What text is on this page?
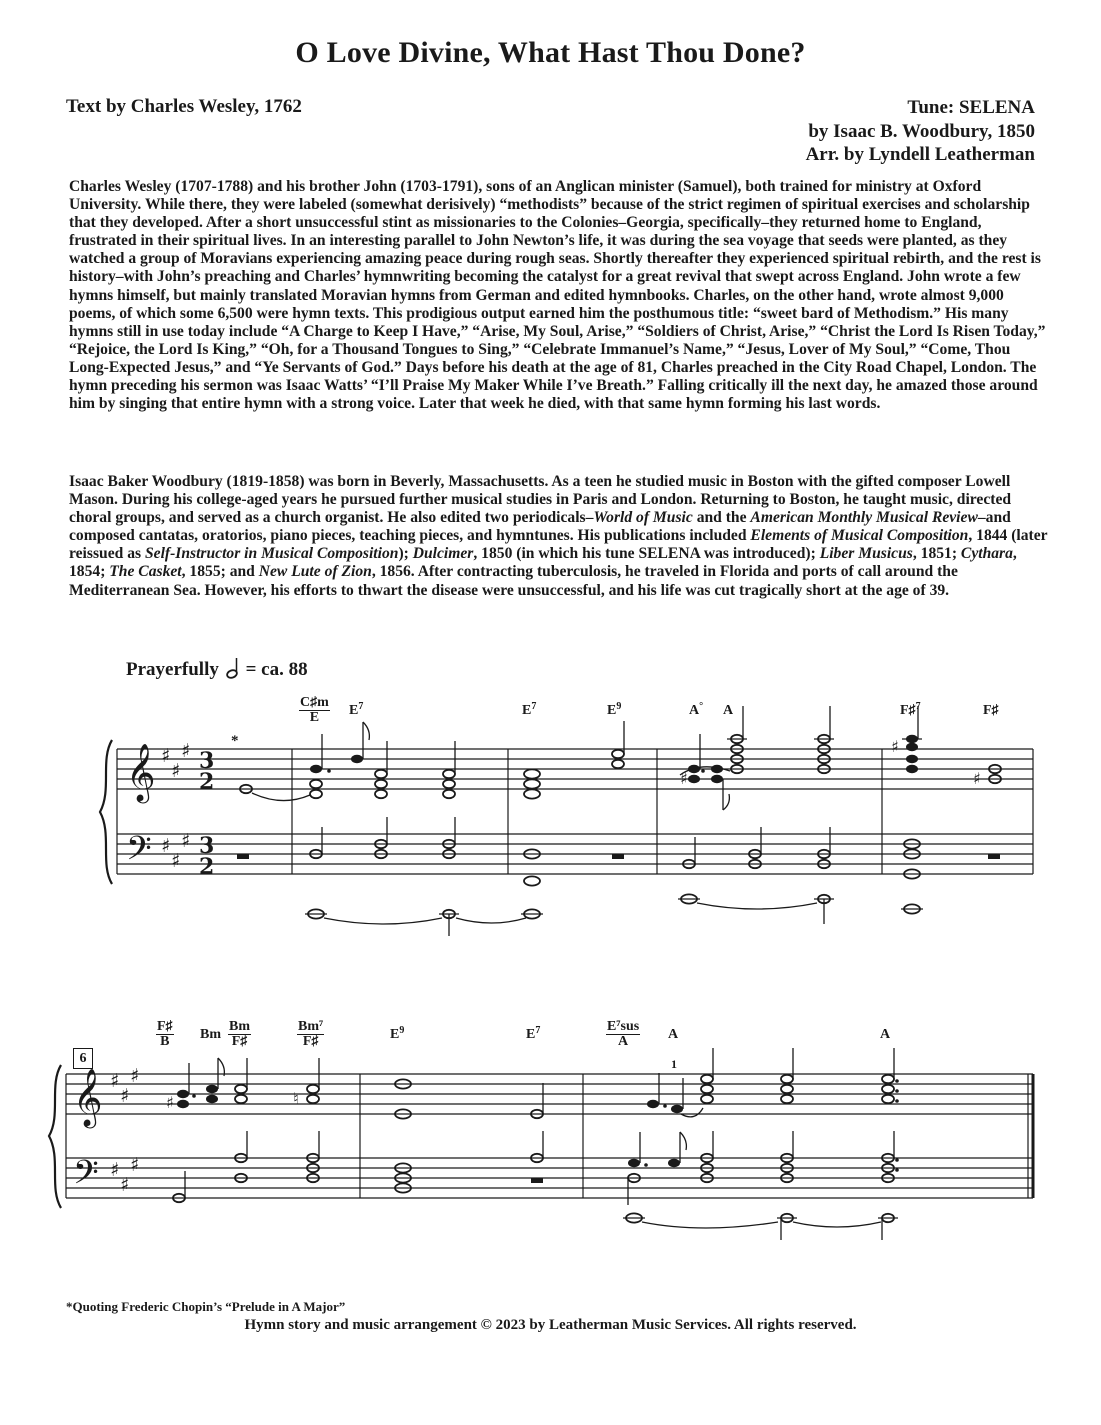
O Love Divine, What Hast Thou Done?
Text by Charles Wesley, 1762	Tune: SELENA
by Isaac B. Woodbury, 1850
Arr. by Lyndell Leatherman

Charles Wesley (1707-1788) and his brother John (1703-1791), sons of an Anglican minister (Samuel), both trained for ministry at Oxford University. While there, they were labeled (somewhat derisively) “methodists” because of the strict regimen of spiritual exercises and scholarship that they developed. After a short unsuccessful stint as missionaries to the Colonies–Georgia, specifically–they returned home to England, frustrated in their spiritual lives. In an interesting parallel to John Newton’s life, it was during the sea voyage that seeds were planted, as they watched a group of Moravians experiencing amazing peace during rough seas. Shortly thereafter they experienced spiritual rebirth, and the rest is history–with John’s preaching and Charles’ hymnwriting becoming the catalyst for a great revival that swept across England. John wrote a few hymns himself, but mainly translated Moravian hymns from German and edited hymnbooks. Charles, on the other hand, wrote almost 9,000 poems, of which some 6,500 were hymn texts. This prodigious output earned him the posthumous title: “sweet bard of Methodism.” His many hymns still in use today include “A Charge to Keep I Have,” “Arise, My Soul, Arise,” “Soldiers of Christ, Arise,” “Christ the Lord Is Risen Today,” “Rejoice, the Lord Is King,” “Oh, for a Thousand Tongues to Sing,” “Celebrate Immanuel’s Name,” “Jesus, Lover of My Soul,” “Come, Thou Long-Expected Jesus,” and “Ye Servants of God.” Days before his death at the age of 81, Charles preached in the City Road Chapel, London. The hymn preceding his sermon was Isaac Watts’ “I’ll Praise My Maker While I’ve Breath.” Falling critically ill the next day, he amazed those around him by singing that entire hymn with a strong voice. Later that week he died, with that same hymn forming his last words.

Isaac Baker Woodbury (1819-1858) was born in Beverly, Massachusetts. As a teen he studied music in Boston with the gifted composer Lowell Mason. During his college-aged years he pursued further musical studies in Paris and London. Returning to Boston, he taught music, directed choral groups, and served as a church organist. He also edited two periodicals–World of Music and the American Monthly Musical Review–and composed cantatas, oratorios, piano pieces, teaching pieces, and hymntunes. His publications included Elements of Musical Composition, 1844 (later reissued as Self-Instructor in Musical Composition); Dulcimer, 1850 (in which his tune SELENA was introduced); Liber Musicus, 1851; Cythara, 1854; The Casket, 1855; and New Lute of Zion, 1856. After contracting tuberculosis, he traveled in Florida and ports of call around the Mediterranean Sea. However, his efforts to thwart the disease were unsuccessful, and his life was cut tragically short at the age of 39.

Prayerfully = ca. 88
$\frac{C♯m}{E} E^7$	$E^7$	$E^9$	A° A	F♯$^7$	F♯
*
$\frac{F♯}{B}$ Bm $\frac{Bm}{F♯}$	$\frac{\text{Bm⁷}}{F♯}$	$E^9$	$E^7$	$\frac{\text{E⁷sus}}{A}$ A	A
1
6
𝄞
𝄢
𝄞
𝄢
♯
♯
♯
♯
♯
♯
♯
♯
♯
♯
♯
♯
3
2
3
2
♯
♯
♯
♯	♮
*Quoting Frederic Chopin’s “Prelude in A Major”
Hymn story and music arrangement © 2023 by Leatherman Music Services. All rights reserved.
